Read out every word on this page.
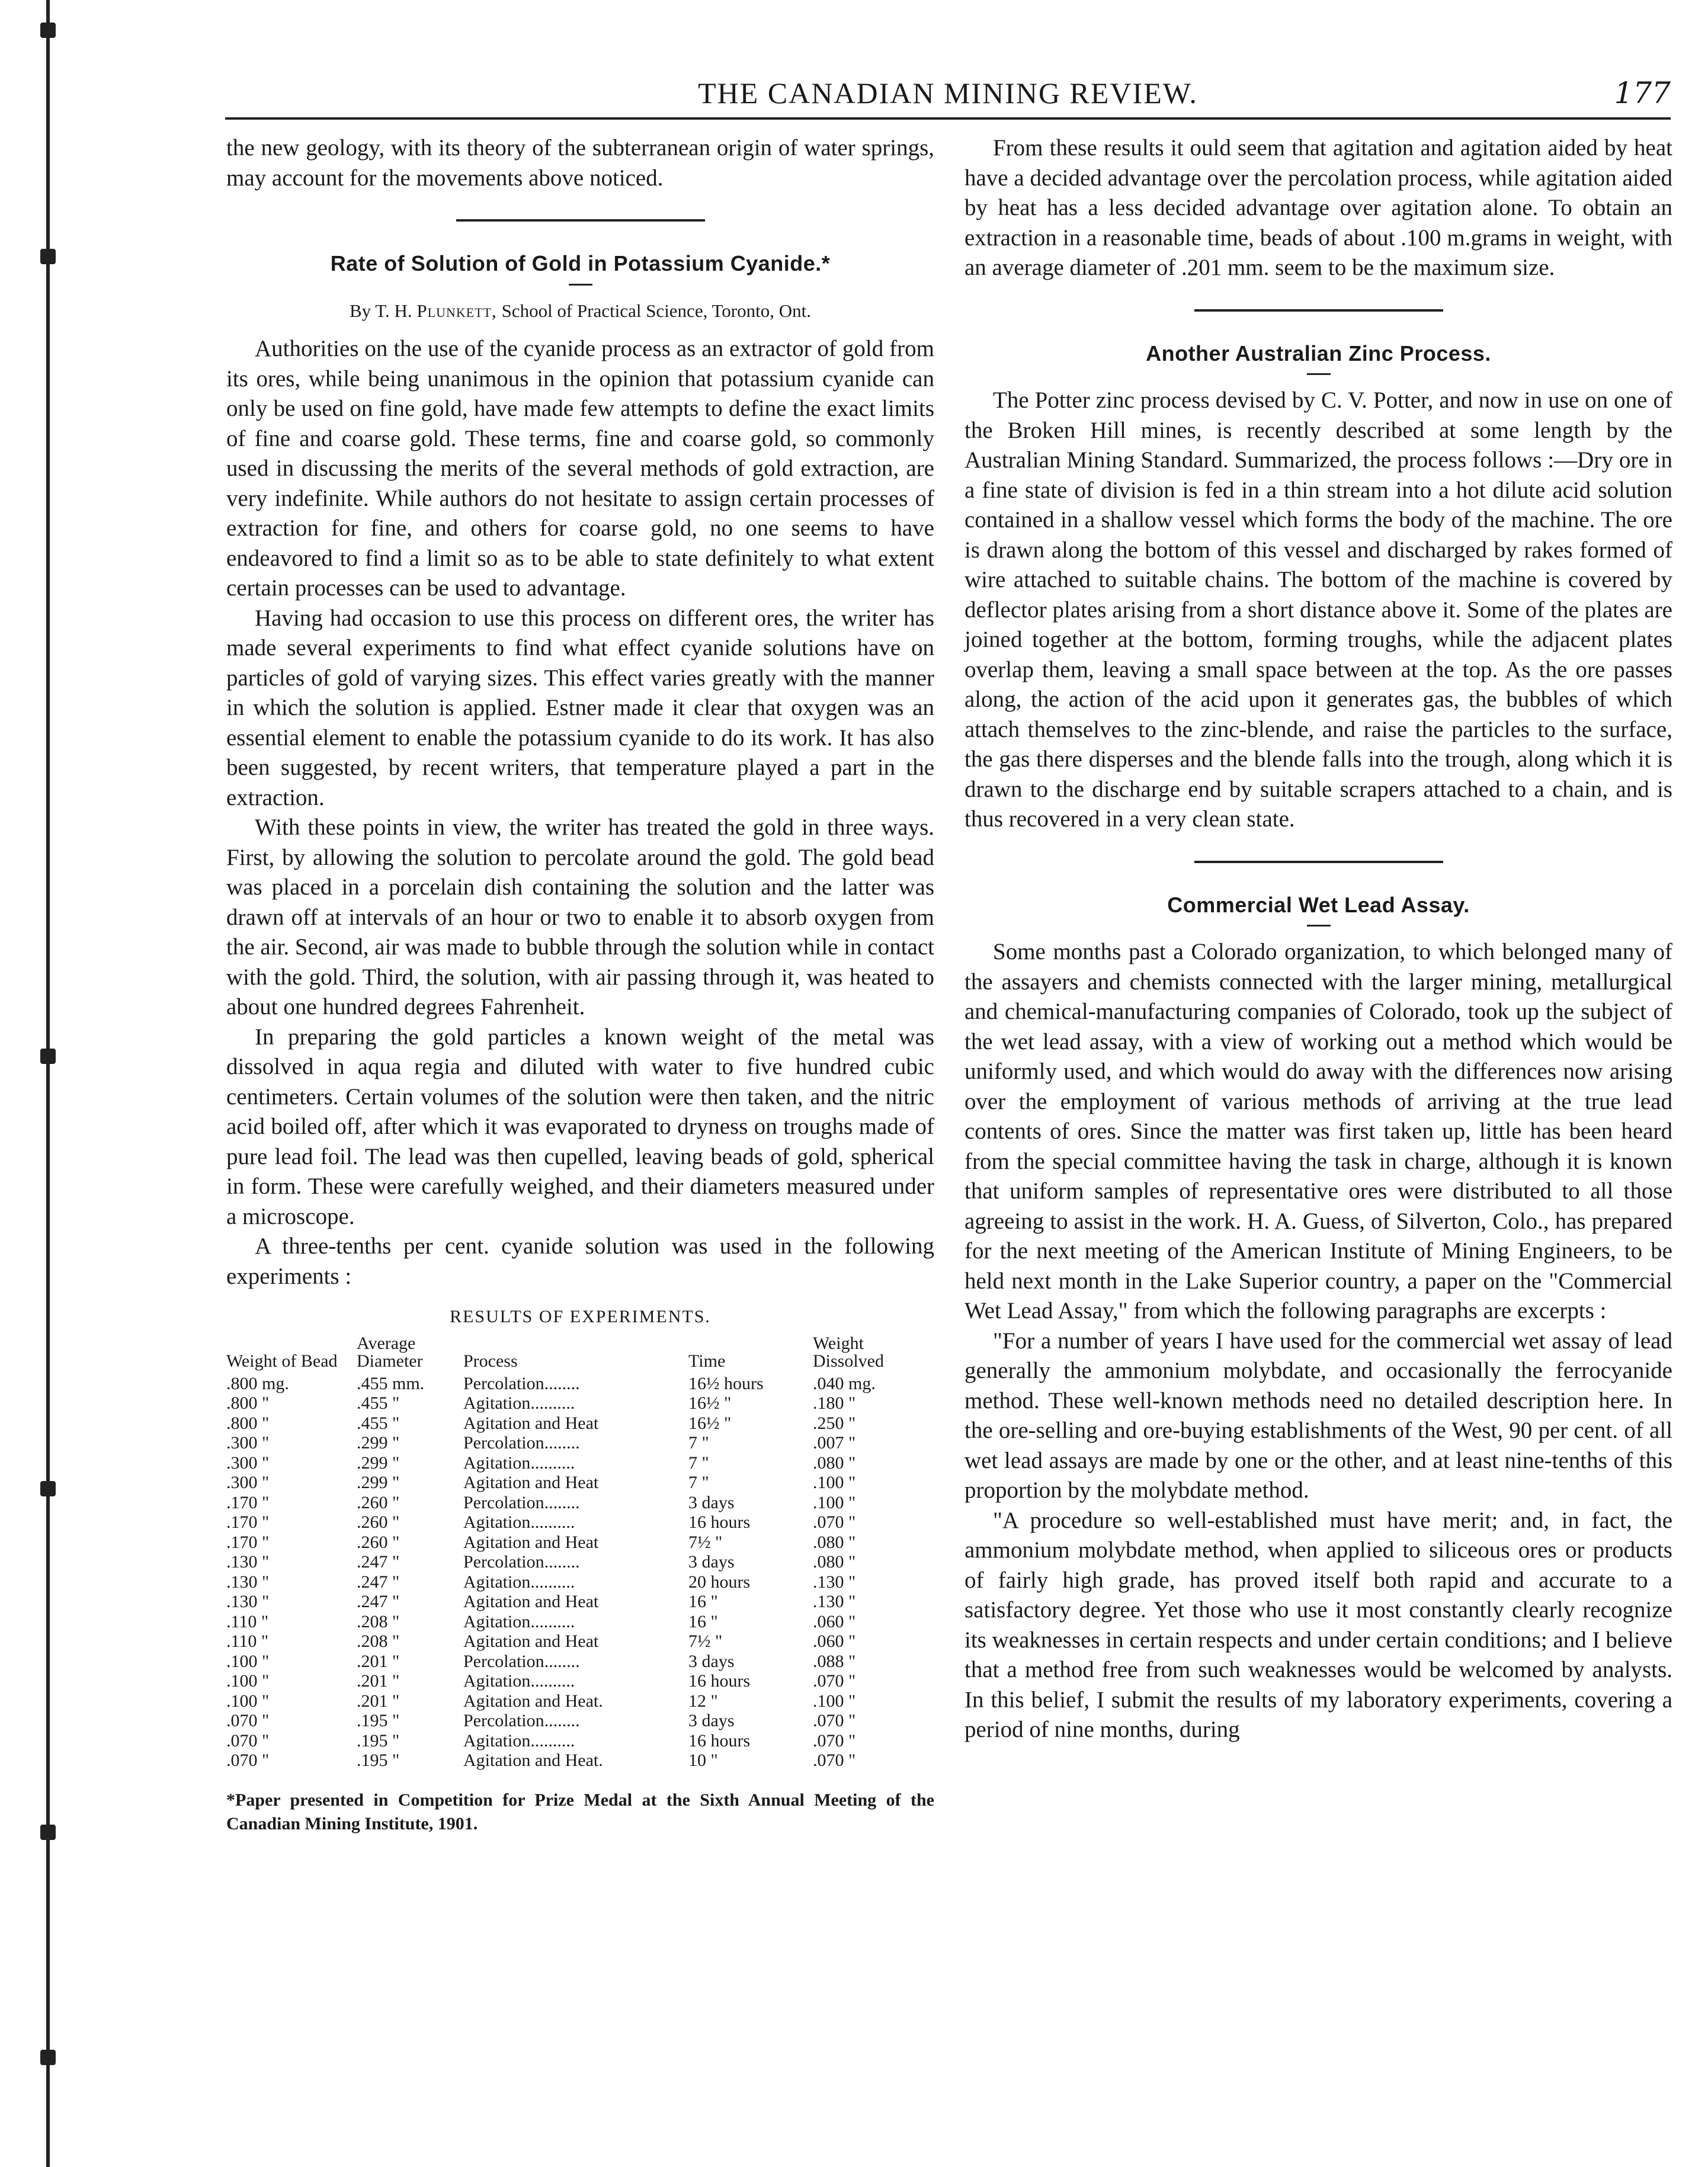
THE CANADIAN MINING REVIEW.	177

the new geology, with its theory of the subterranean origin of water springs, may account for the movements above noticed.

Rate of Solution of Gold in Potassium Cyanide.*
By T. H. Plunkett, School of Practical Science, Toronto, Ont.

Authorities on the use of the cyanide process as an extractor of gold from its ores, while being unanimous in the opinion that potassium cyanide can only be used on fine gold, have made few attempts to define the exact limits of fine and coarse gold. These terms, fine and coarse gold, so commonly used in discussing the merits of the several methods of gold extraction, are very indefinite. While authors do not hesitate to assign certain processes of extraction for fine, and others for coarse gold, no one seems to have endeavored to find a limit so as to be able to state definitely to what extent certain processes can be used to advantage.

Having had occasion to use this process on different ores, the writer has made several experiments to find what effect cyanide solutions have on particles of gold of varying sizes. This effect varies greatly with the manner in which the solution is applied. Estner made it clear that oxygen was an essential element to enable the potassium cyanide to do its work. It has also been suggested, by recent writers, that temperature played a part in the extraction.

With these points in view, the writer has treated the gold in three ways. First, by allowing the solution to percolate around the gold. The gold bead was placed in a porcelain dish containing the solution and the latter was drawn off at intervals of an hour or two to enable it to absorb oxygen from the air. Second, air was made to bubble through the solution while in contact with the gold. Third, the solution, with air passing through it, was heated to about one hundred degrees Fahrenheit.

In preparing the gold particles a known weight of the metal was dissolved in aqua regia and diluted with water to five hundred cubic centimeters. Certain volumes of the solution were then taken, and the nitric acid boiled off, after which it was evaporated to dryness on troughs made of pure lead foil. The lead was then cupelled, leaving beads of gold, spherical in form. These were carefully weighed, and their diameters measured under a microscope.

A three-tenths per cent. cyanide solution was used in the following experiments :

RESULTS OF EXPERIMENTS.
Weight of Bead	Average Diameter	Process	Time	Weight Dissolved
.800 mg.	.455 mm.	Percolation........	16½ hours	.040 mg.
.800 "	.455 "	Agitation..........	16½ "	.180 "
.800 "	.455 "	Agitation and Heat	16½ "	.250 "
.300 "	.299 "	Percolation........	7 "	.007 "
.300 "	.299 "	Agitation..........	7 "	.080 "
.300 "	.299 "	Agitation and Heat	7 "	.100 "
.170 "	.260 "	Percolation........	3 days	.100 "
.170 "	.260 "	Agitation..........	16 hours	.070 "
.170 "	.260 "	Agitation and Heat	7½ "	.080 "
.130 "	.247 "	Percolation........	3 days	.080 "
.130 "	.247 "	Agitation..........	20 hours	.130 "
.130 "	.247 "	Agitation and Heat	16 "	.130 "
.110 "	.208 "	Agitation..........	16 "	.060 "
.110 "	.208 "	Agitation and Heat	7½ "	.060 "
.100 "	.201 "	Percolation........	3 days	.088 "
.100 "	.201 "	Agitation..........	16 hours	.070 "
.100 "	.201 "	Agitation and Heat.	12 "	.100 "
.070 "	.195 "	Percolation........	3 days	.070 "
.070 "	.195 "	Agitation..........	16 hours	.070 "
.070 "	.195 "	Agitation and Heat.	10 "	.070 "
*Paper presented in Competition for Prize Medal at the Sixth Annual Meeting of the Canadian Mining Institute, 1901.

From these results it ould seem that agitation and agitation aided by heat have a decided advantage over the percolation process, while agitation aided by heat has a less decided advantage over agitation alone. To obtain an extraction in a reasonable time, beads of about .100 m.grams in weight, with an average diameter of .201 mm. seem to be the maximum size.

Another Australian Zinc Process.

The Potter zinc process devised by C. V. Potter, and now in use on one of the Broken Hill mines, is recently described at some length by the Australian Mining Standard. Summarized, the process follows :—Dry ore in a fine state of division is fed in a thin stream into a hot dilute acid solution contained in a shallow vessel which forms the body of the machine. The ore is drawn along the bottom of this vessel and discharged by rakes formed of wire attached to suitable chains. The bottom of the machine is covered by deflector plates arising from a short distance above it. Some of the plates are joined together at the bottom, forming troughs, while the adjacent plates overlap them, leaving a small space between at the top. As the ore passes along, the action of the acid upon it generates gas, the bubbles of which attach themselves to the zinc-blende, and raise the particles to the surface, the gas there disperses and the blende falls into the trough, along which it is drawn to the discharge end by suitable scrapers attached to a chain, and is thus recovered in a very clean state.

Commercial Wet Lead Assay.

Some months past a Colorado organization, to which belonged many of the assayers and chemists connected with the larger mining, metallurgical and chemical-manufacturing companies of Colorado, took up the subject of the wet lead assay, with a view of working out a method which would be uniformly used, and which would do away with the differences now arising over the employment of various methods of arriving at the true lead contents of ores. Since the matter was first taken up, little has been heard from the special committee having the task in charge, although it is known that uniform samples of representative ores were distributed to all those agreeing to assist in the work. H. A. Guess, of Silverton, Colo., has prepared for the next meeting of the American Institute of Mining Engineers, to be held next month in the Lake Superior country, a paper on the "Commercial Wet Lead Assay," from which the following paragraphs are excerpts :

"For a number of years I have used for the commercial wet assay of lead generally the ammonium molybdate, and occasionally the ferrocyanide method. These well-known methods need no detailed description here. In the ore-selling and ore-buying establishments of the West, 90 per cent. of all wet lead assays are made by one or the other, and at least nine-tenths of this proportion by the molybdate method.

"A procedure so well-established must have merit; and, in fact, the ammonium molybdate method, when applied to siliceous ores or products of fairly high grade, has proved itself both rapid and accurate to a satisfactory degree. Yet those who use it most constantly clearly recognize its weaknesses in certain respects and under certain conditions; and I believe that a method free from such weaknesses would be welcomed by analysts. In this belief, I submit the results of my laboratory experiments, covering a period of nine months, during
